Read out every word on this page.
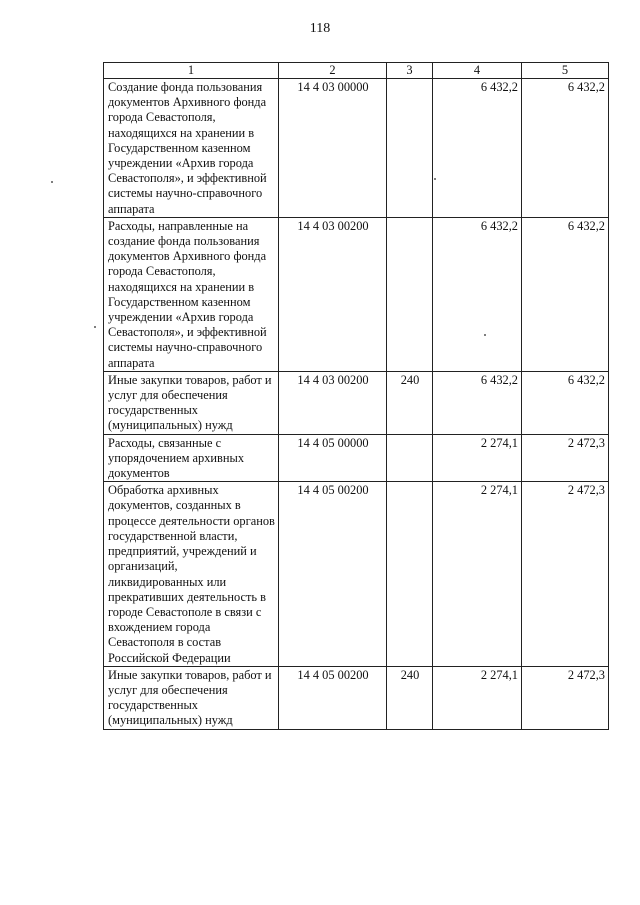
118
1	2	3	4	5
Создание фонда пользования документов Архивного фонда города Севастополя, находящихся на хранении в Государственном казенном учреждении «Архив города Севастополя», и эффективной системы научно-справочного аппарата	14 4 03 00000		6 432,2	6 432,2
Расходы, направленные на создание фонда пользования документов Архивного фонда города Севастополя, находящихся на хранении в Государственном казенном учреждении «Архив города Севастополя», и эффективной системы научно-справочного аппарата	14 4 03 00200		6 432,2	6 432,2
Иные закупки товаров, работ и услуг для обеспечения государственных (муниципальных) нужд	14 4 03 00200	240	6 432,2	6 432,2
Расходы, связанные с упорядочением архивных документов	14 4 05 00000		2 274,1	2 472,3
Обработка архивных документов, созданных в процессе деятельности органов государственной власти, предприятий, учреждений и организаций, ликвидированных или прекративших деятельность в городе Севастополе в связи с вхождением города Севастополя в состав Российской Федерации	14 4 05 00200		2 274,1	2 472,3
Иные закупки товаров, работ и услуг для обеспечения государственных (муниципальных) нужд	14 4 05 00200	240	2 274,1	2 472,3
